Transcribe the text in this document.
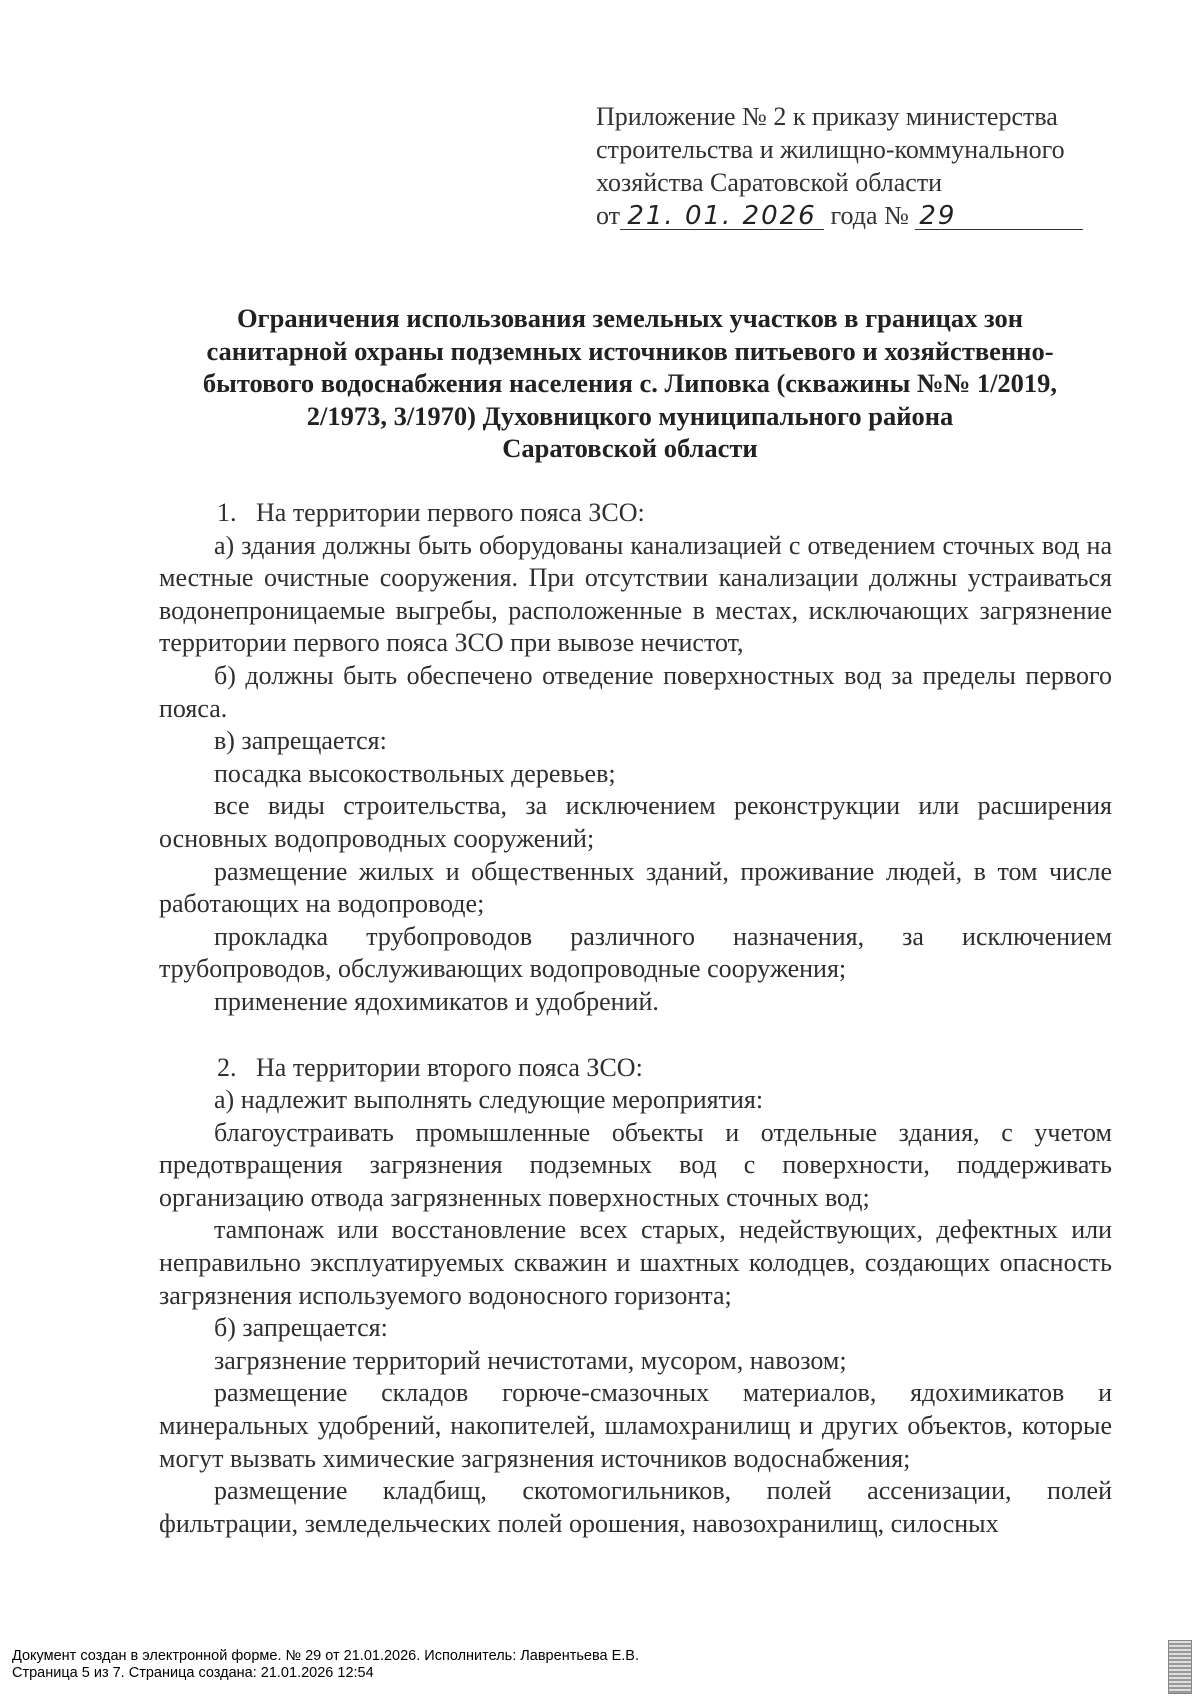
Приложение № 2 к приказу министерства
строительства и жилищно-коммунального
хозяйства Саратовской области
от 21. 01. 2026 года № 29
Ограничения использования земельных участков в границах зон
санитарной охраны подземных источников питьевого и хозяйственно-
бытового водоснабжения населения с. Липовка (скважины №№ 1/2019,
2/1973, 3/1970) Духовницкого муниципального района
Саратовской области

1.   На территории первого пояса ЗСО:

а) здания должны быть оборудованы канализацией с отведением сточных вод на местные очистные сооружения. При отсутствии канализации должны устраиваться водонепроницаемые выгребы, расположенные в местах, исключающих загрязнение территории первого пояса ЗСО при вывозе нечистот,

б) должны быть обеспечено отведение поверхностных вод за пределы первого пояса.

в) запрещается:

посадка высокоствольных деревьев;

все виды строительства, за исключением реконструкции или расширения основных водопроводных сооружений;

размещение жилых и общественных зданий, проживание людей, в том числе работающих на водопроводе;

прокладка трубопроводов различного назначения, за исключением трубопроводов, обслуживающих водопроводные сооружения;

применение ядохимикатов и удобрений.

2.   На территории второго пояса ЗСО:

а) надлежит выполнять следующие мероприятия:

благоустраивать промышленные объекты и отдельные здания, с учетом предотвращения загрязнения подземных вод с поверхности, поддерживать организацию отвода загрязненных поверхностных сточных вод;

тампонаж или восстановление всех старых, недействующих, дефектных или неправильно эксплуатируемых скважин и шахтных колодцев, создающих опасность загрязнения используемого водоносного горизонта;

б) запрещается:

загрязнение территорий нечистотами, мусором, навозом;

размещение складов горюче-смазочных материалов, ядохимикатов и минеральных удобрений, накопителей, шламохранилищ и других объектов, которые могут вызвать химические загрязнения источников водоснабжения;

размещение кладбищ, скотомогильников, полей ассенизации, полей фильтрации, земледельческих полей орошения, навозохранилищ, силосных

Документ создан в электронной форме. № 29 от 21.01.2026. Исполнитель: Лаврентьева Е.В.
Страница 5 из 7. Страница создана: 21.01.2026 12:54
